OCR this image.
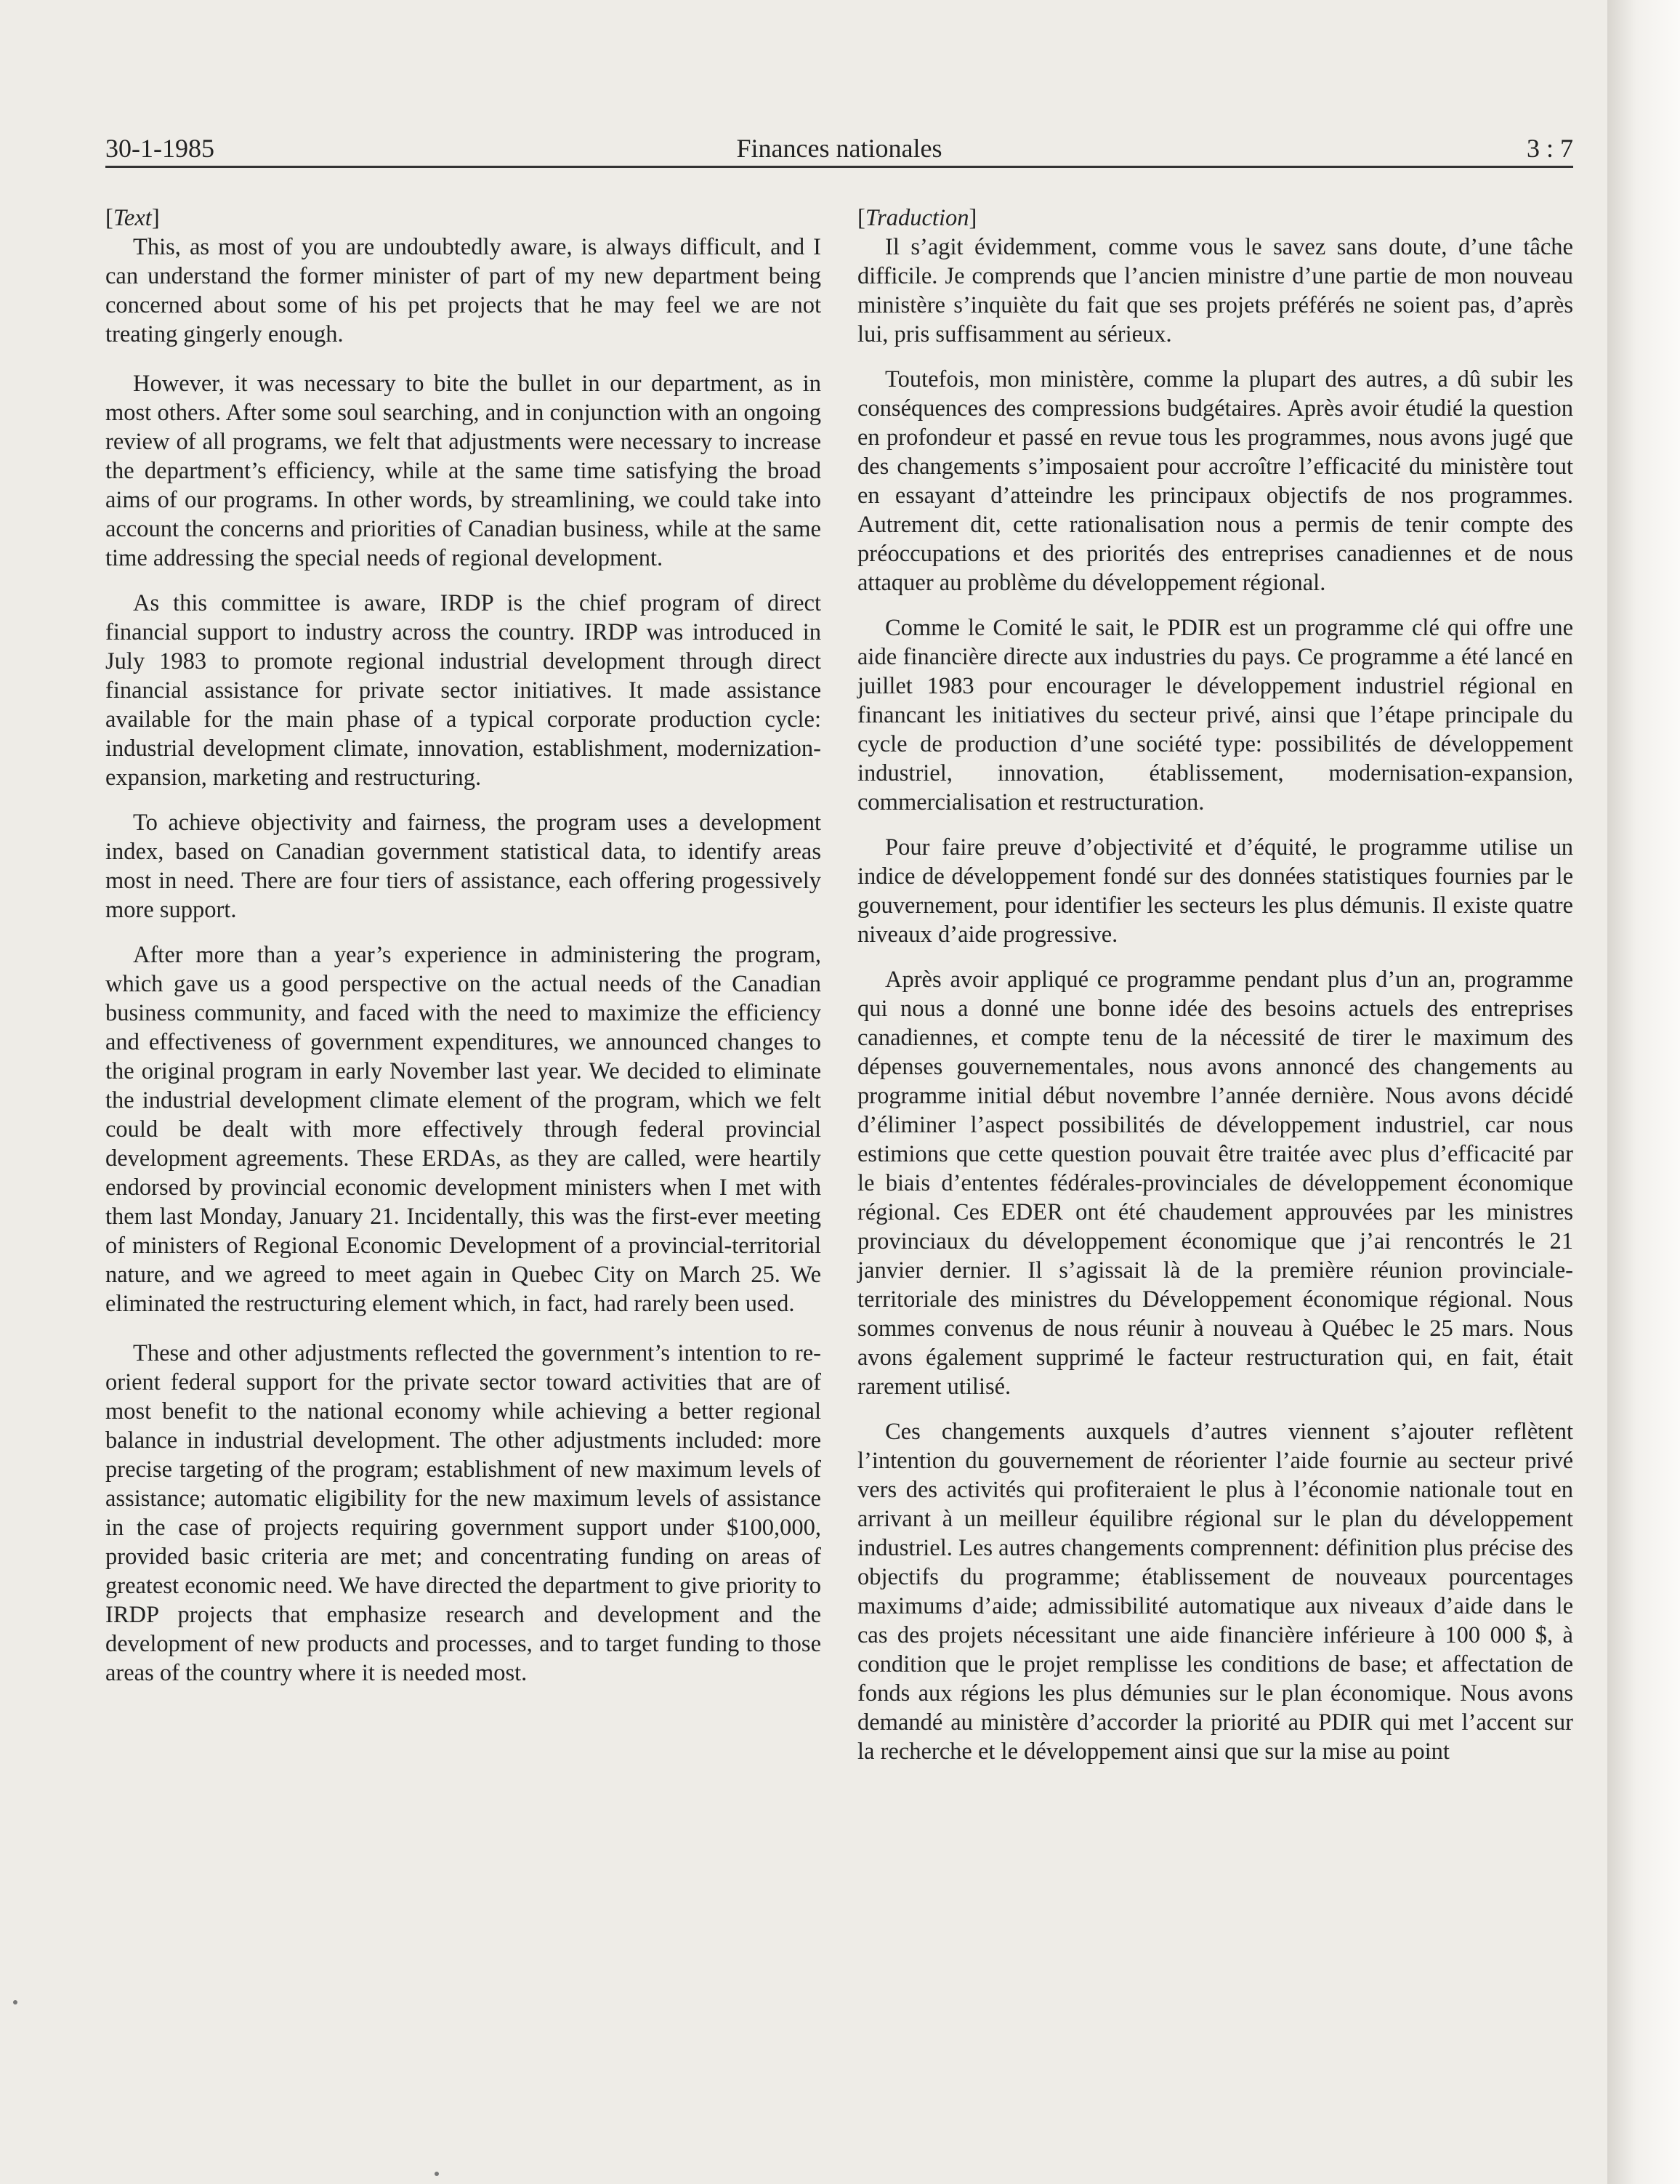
30-1-1985	Finances nationales	3 : 7
[Text]

This, as most of you are undoubtedly aware, is always difficult, and I can understand the former minister of part of my new department being concerned about some of his pet projects that he may feel we are not treating gingerly enough.

However, it was necessary to bite the bullet in our department, as in most others. After some soul searching, and in conjunction with an ongoing review of all programs, we felt that adjustments were necessary to increase the department’s efficiency, while at the same time satisfying the broad aims of our programs. In other words, by streamlining, we could take into account the concerns and priorities of Canadian business, while at the same time addressing the special needs of regional development.

As this committee is aware, IRDP is the chief program of direct financial support to industry across the country. IRDP was introduced in July 1983 to promote regional industrial development through direct financial assistance for private sector initiatives. It made assistance available for the main phase of a typical corporate production cycle: industrial development climate, innovation, establishment, modernization-expansion, marketing and restructuring.

To achieve objectivity and fairness, the program uses a development index, based on Canadian government statistical data, to identify areas most in need. There are four tiers of assistance, each offering progessively more support.

After more than a year’s experience in administering the program, which gave us a good perspective on the actual needs of the Canadian business community, and faced with the need to maximize the efficiency and effectiveness of government expenditures, we announced changes to the original program in early November last year. We decided to eliminate the industrial development climate element of the program, which we felt could be dealt with more effectively through federal provincial development agreements. These ERDAs, as they are called, were heartily endorsed by provincial economic development ministers when I met with them last Monday, January 21. Incidentally, this was the first-ever meeting of ministers of Regional Economic Development of a provincial-territorial nature, and we agreed to meet again in Quebec City on March 25. We eliminated the restructuring element which, in fact, had rarely been used.

These and other adjustments reflected the government’s intention to re-orient federal support for the private sector toward activities that are of most benefit to the national economy while achieving a better regional balance in industrial development. The other adjustments included: more precise targeting of the program; establishment of new maximum levels of assistance; automatic eligibility for the new maximum levels of assistance in the case of projects requiring government support under $100,000, provided basic criteria are met; and concentrating funding on areas of greatest economic need. We have directed the department to give priority to IRDP projects that emphasize research and development and the development of new products and processes, and to target funding to those areas of the country where it is needed most.

[Traduction]

Il s’agit évidemment, comme vous le savez sans doute, d’une tâche difficile. Je comprends que l’ancien ministre d’une partie de mon nouveau ministère s’inquiète du fait que ses projets préférés ne soient pas, d’après lui, pris suffisamment au sérieux.

Toutefois, mon ministère, comme la plupart des autres, a dû subir les conséquences des compressions budgétaires. Après avoir étudié la question en profondeur et passé en revue tous les programmes, nous avons jugé que des changements s’imposaient pour accroître l’efficacité du ministère tout en essayant d’atteindre les principaux objectifs de nos programmes. Autrement dit, cette rationalisation nous a permis de tenir compte des préoccupations et des priorités des entreprises canadiennes et de nous attaquer au problème du développement régional.

Comme le Comité le sait, le PDIR est un programme clé qui offre une aide financière directe aux industries du pays. Ce programme a été lancé en juillet 1983 pour encourager le développement industriel régional en financant les initiatives du secteur privé, ainsi que l’étape principale du cycle de production d’une société type: possibilités de développement industriel, innovation, établissement, modernisation-expansion, commercialisation et restructuration.

Pour faire preuve d’objectivité et d’équité, le programme utilise un indice de développement fondé sur des données statistiques fournies par le gouvernement, pour identifier les secteurs les plus démunis. Il existe quatre niveaux d’aide progressive.

Après avoir appliqué ce programme pendant plus d’un an, programme qui nous a donné une bonne idée des besoins actuels des entreprises canadiennes, et compte tenu de la nécessité de tirer le maximum des dépenses gouvernementales, nous avons annoncé des changements au programme initial début novembre l’année dernière. Nous avons décidé d’éliminer l’aspect possibilités de développement industriel, car nous estimions que cette question pouvait être traitée avec plus d’efficacité par le biais d’ententes fédérales-provinciales de développement économique régional. Ces EDER ont été chaudement approuvées par les ministres provinciaux du développement économique que j’ai rencontrés le 21 janvier dernier. Il s’agissait là de la première réunion provinciale-territoriale des ministres du Développement économique régional. Nous sommes convenus de nous réunir à nouveau à Québec le 25 mars. Nous avons également supprimé le facteur restructuration qui, en fait, était rarement utilisé.

Ces changements auxquels d’autres viennent s’ajouter reflètent l’intention du gouvernement de réorienter l’aide fournie au secteur privé vers des activités qui profiteraient le plus à l’économie nationale tout en arrivant à un meilleur équilibre régional sur le plan du développement industriel. Les autres changements comprennent: définition plus précise des objectifs du programme; établissement de nouveaux pourcentages maximums d’aide; admissibilité automatique aux niveaux d’aide dans le cas des projets nécessitant une aide financière inférieure à 100 000 $, à condition que le projet remplisse les conditions de base; et affectation de fonds aux régions les plus démunies sur le plan économique. Nous avons demandé au ministère d’accorder la priorité au PDIR qui met l’accent sur la recherche et le développement ainsi que sur la mise au point
